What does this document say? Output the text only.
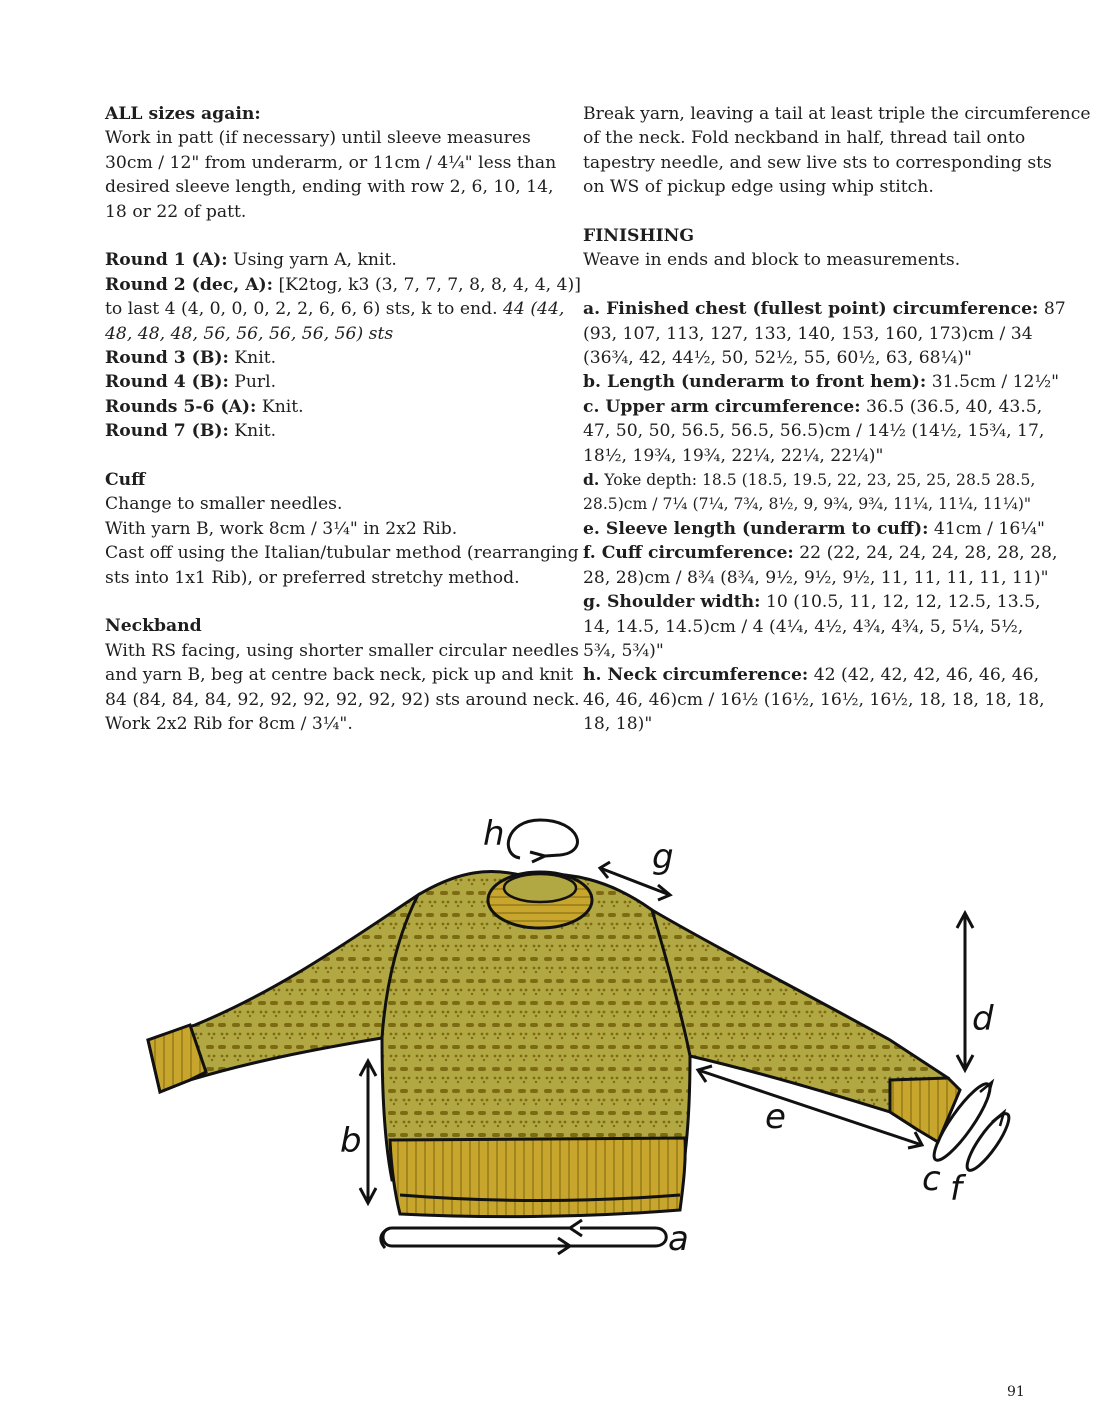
ALL sizes again:

Work in patt (if necessary) until sleeve measures

30cm / 12" from underarm, or 11cm / 4¼" less than

desired sleeve length, ending with row 2, 6, 10, 14,

18 or 22 of patt.

Round 1 (A): Using yarn A, knit.

Round 2 (dec, A): [K2tog, k3 (3, 7, 7, 7, 8, 8, 4, 4, 4)]

to last 4 (4, 0, 0, 0, 2, 2, 6, 6, 6) sts, k to end. 44 (44,

48, 48, 48, 56, 56, 56, 56, 56) sts

Round 3 (B): Knit.

Round 4 (B): Purl.

Rounds 5-6 (A): Knit.

Round 7 (B): Knit.

Cuff

Change to smaller needles.

With yarn B, work 8cm / 3¼" in 2x2 Rib.

Cast off using the Italian/tubular method (rearranging

sts into 1x1 Rib), or preferred stretchy method.

Neckband

With RS facing, using shorter smaller circular needles

and yarn B, beg at centre back neck, pick up and knit

84 (84, 84, 84, 92, 92, 92, 92, 92, 92) sts around neck.

Work 2x2 Rib for 8cm / 3¼".

Break yarn, leaving a tail at least triple the circumference

of the neck. Fold neckband in half, thread tail onto

tapestry needle, and sew live sts to corresponding sts

on WS of pickup edge using whip stitch.

FINISHING

Weave in ends and block to measurements.

a. Finished chest (fullest point) circumference: 87

(93, 107, 113, 127, 133, 140, 153, 160, 173)cm / 34

(36¾, 42, 44½, 50, 52½, 55, 60½, 63, 68¼)"

b. Length (underarm to front hem): 31.5cm / 12½"

c. Upper arm circumference: 36.5 (36.5, 40, 43.5,

47, 50, 50, 56.5, 56.5, 56.5)cm / 14½ (14½, 15¾, 17,

18½, 19¾, 19¾, 22¼, 22¼, 22¼)"

d. Yoke depth: 18.5 (18.5, 19.5, 22, 23, 25, 25, 28.5 28.5,

28.5)cm / 7¼ (7¼, 7¾, 8½, 9, 9¾, 9¾, 11¼, 11¼, 11¼)"

e. Sleeve length (underarm to cuff): 41cm / 16¼"

f. Cuff circumference: 22 (22, 24, 24, 24, 28, 28, 28,

28, 28)cm / 8¾ (8¾, 9½, 9½, 9½, 11, 11, 11, 11, 11)"

g. Shoulder width: 10 (10.5, 11, 12, 12, 12.5, 13.5,

14, 14.5, 14.5)cm / 4 (4¼, 4½, 4¾, 4¾, 5, 5¼, 5½,

5¾, 5¾)"

h. Neck circumference: 42 (42, 42, 42, 46, 46, 46,

46, 46, 46)cm / 16½ (16½, 16½, 16½, 18, 18, 18, 18,

18, 18)"

h
g
d
e
c f
b
a
91
